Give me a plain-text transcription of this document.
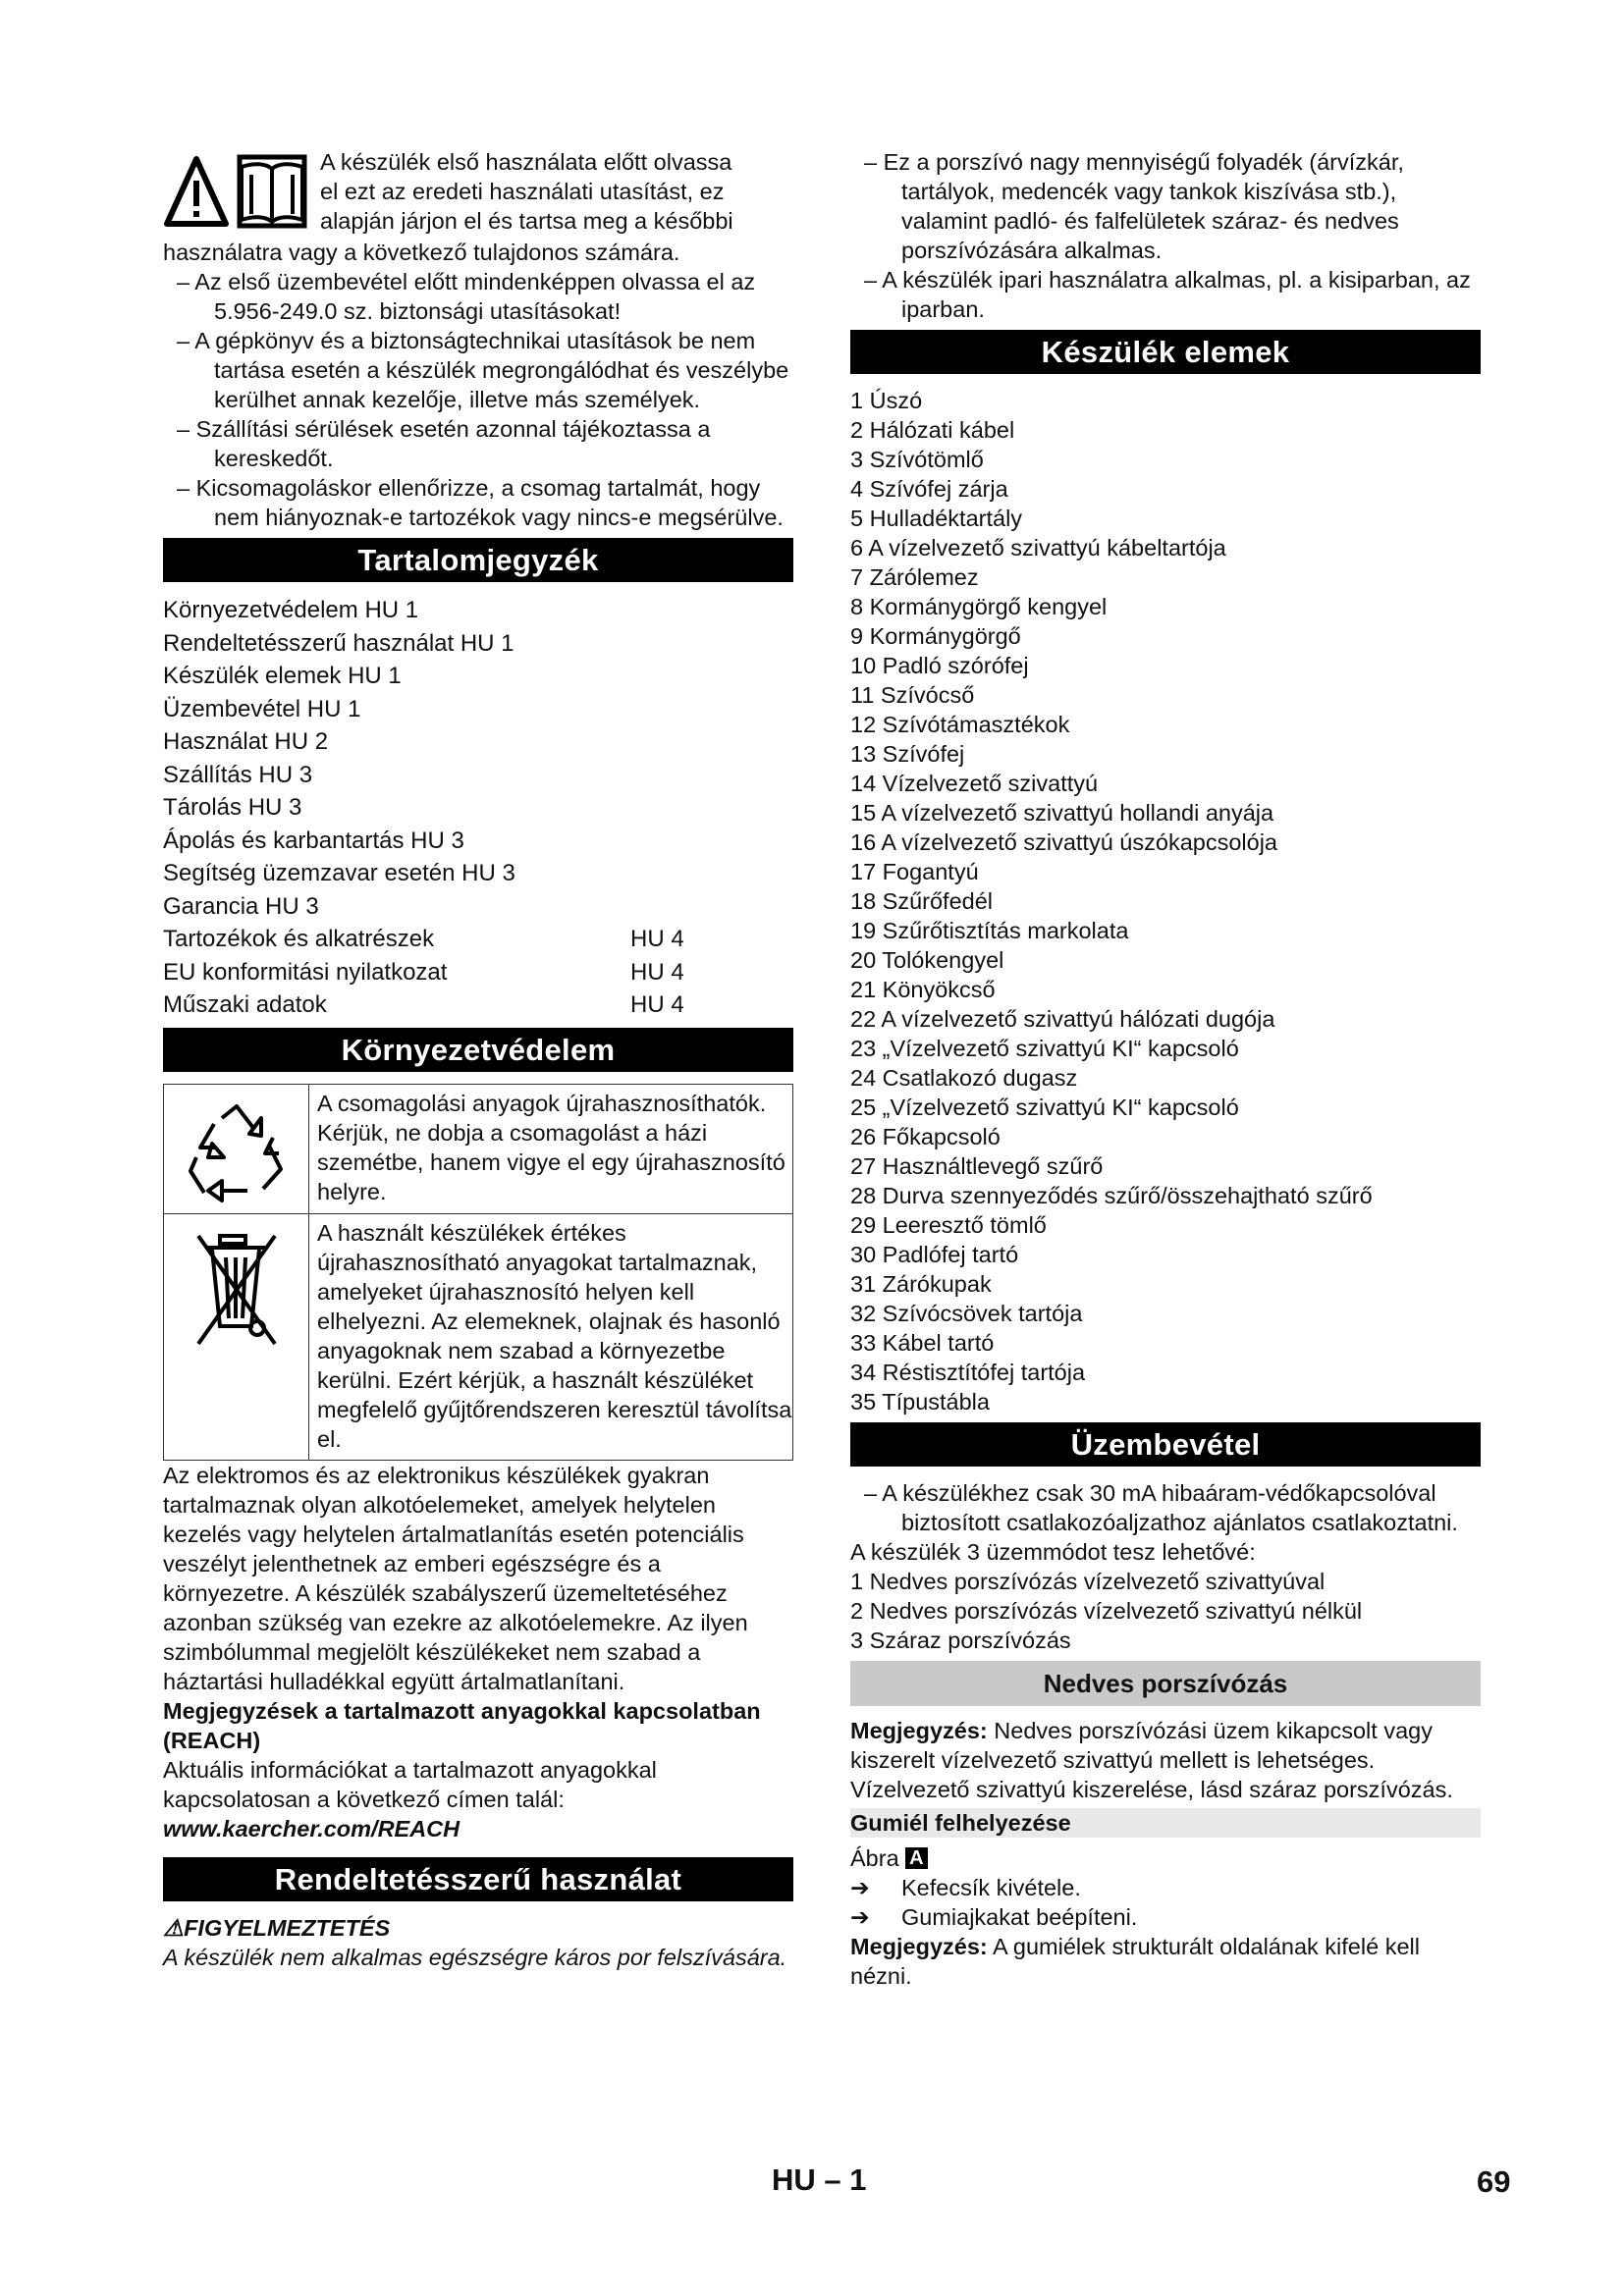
A készülék első használata előtt olvassa

el ezt az eredeti használati utasítást, ez

alapján járjon el és tartsa meg a későbbi

használatra vagy a következő tulajdonos számára.

– Az első üzembevétel előtt mindenképpen olvassa el az 5.956-249.0 sz. biztonsági utasításokat!

– A gépkönyv és a biztonságtechnikai utasítások be nem tartása esetén a készülék megrongálódhat és veszélybe kerülhet annak kezelője, illetve más személyek.

– Szállítási sérülések esetén azonnal tájékoztassa a kereskedőt.

– Kicsomagoláskor ellenőrizze, a csomag tartalmát, hogy nem hiányoznak-e tartozékok vagy nincs-e megsérülve.

Tartalomjegyzék
Környezetvédelem HU 1
Rendeltetésszerű használat HU 1
Készülék elemek HU 1
Üzembevétel HU 1
Használat HU 2
Szállítás HU 3
Tárolás HU 3
Ápolás és karbantartás HU 3
Segítség üzemzavar esetén HU 3
Garancia HU 3
Tartozékok és alkatrészek	HU 4
EU konformitási nyilatkozat	HU 4
Műszaki adatok	HU 4
Környezetvédelem
	A csomagolási anyagok újrahasznosíthatók. Kérjük, ne dobja a csomagolást a házi szemétbe, hanem vigye el egy újrahasznosító helyre.
	A használt készülékek értékes újrahasznosítható anyagokat tartalmaznak, amelyeket újrahasznosító helyen kell elhelyezni. Az elemeknek, olajnak és hasonló anyagoknak nem szabad a környezetbe kerülni. Ezért kérjük, a használt készüléket megfelelő gyűjtőrendszeren keresztül távolítsa el.

Az elektromos és az elektronikus készülékek gyakran tartalmaznak olyan alkotóelemeket, amelyek helytelen kezelés vagy helytelen ártalmatlanítás esetén potenciális veszélyt jelenthetnek az emberi egészségre és a környezetre. A készülék szabályszerű üzemeltetéséhez azonban szükség van ezekre az alkotóelemekre. Az ilyen szimbólummal megjelölt készülékeket nem szabad a háztartási hulladékkal együtt ártalmatlanítani.

Megjegyzések a tartalmazott anyagokkal kapcsolatban (REACH)

Aktuális információkat a tartalmazott anyagokkal kapcsolatosan a következő címen talál:

www.kaercher.com/REACH

Rendeltetésszerű használat

⚠FIGYELMEZTETÉS

A készülék nem alkalmas egészségre káros por felszívására.

– Ez a porszívó nagy mennyiségű folyadék (árvízkár, tartályok, medencék vagy tankok kiszívása stb.), valamint padló- és falfelületek száraz- és nedves porszívózására alkalmas.

– A készülék ipari használatra alkalmas, pl. a kisiparban, az iparban.

Készülék elemek

1 Úszó

2 Hálózati kábel

3 Szívótömlő

4 Szívófej zárja

5 Hulladéktartály

6 A vízelvezető szivattyú kábeltartója

7 Zárólemez

8 Kormánygörgő kengyel

9 Kormánygörgő

10 Padló szórófej

11 Szívócső

12 Szívótámasztékok

13 Szívófej

14 Vízelvezető szivattyú

15 A vízelvezető szivattyú hollandi anyája

16 A vízelvezető szivattyú úszókapcsolója

17 Fogantyú

18 Szűrőfedél

19 Szűrőtisztítás markolata

20 Tolókengyel

21 Könyökcső

22 A vízelvezető szivattyú hálózati dugója

23 „Vízelvezető szivattyú KI“ kapcsoló

24 Csatlakozó dugasz

25 „Vízelvezető szivattyú KI“ kapcsoló

26 Főkapcsoló

27 Használtlevegő szűrő

28 Durva szennyeződés szűrő/összehajtható szűrő

29 Leeresztő tömlő

30 Padlófej tartó

31 Zárókupak

32 Szívócsövek tartója

33 Kábel tartó

34 Réstisztítófej tartója

35 Típustábla

Üzembevétel

– A készülékhez csak 30 mA hibaáram-védőkapcsolóval biztosított csatlakozóaljzathoz ajánlatos csatlakoztatni.

A készülék 3 üzemmódot tesz lehetővé:

1 Nedves porszívózás vízelvezető szivattyúval

2 Nedves porszívózás vízelvezető szivattyú nélkül

3 Száraz porszívózás

Nedves porszívózás

Megjegyzés: Nedves porszívózási üzem kikapcsolt vagy kiszerelt vízelvezető szivattyú mellett is lehetséges. Vízelvezető szivattyú kiszerelése, lásd száraz porszívózás.

Gumiél felhelyezése

Ábra A

➔ Kefecsík kivétele.

➔ Gumiajkakat beépíteni.

Megjegyzés: A gumiélek strukturált oldalának kifelé kell nézni.

HU – 1	69
